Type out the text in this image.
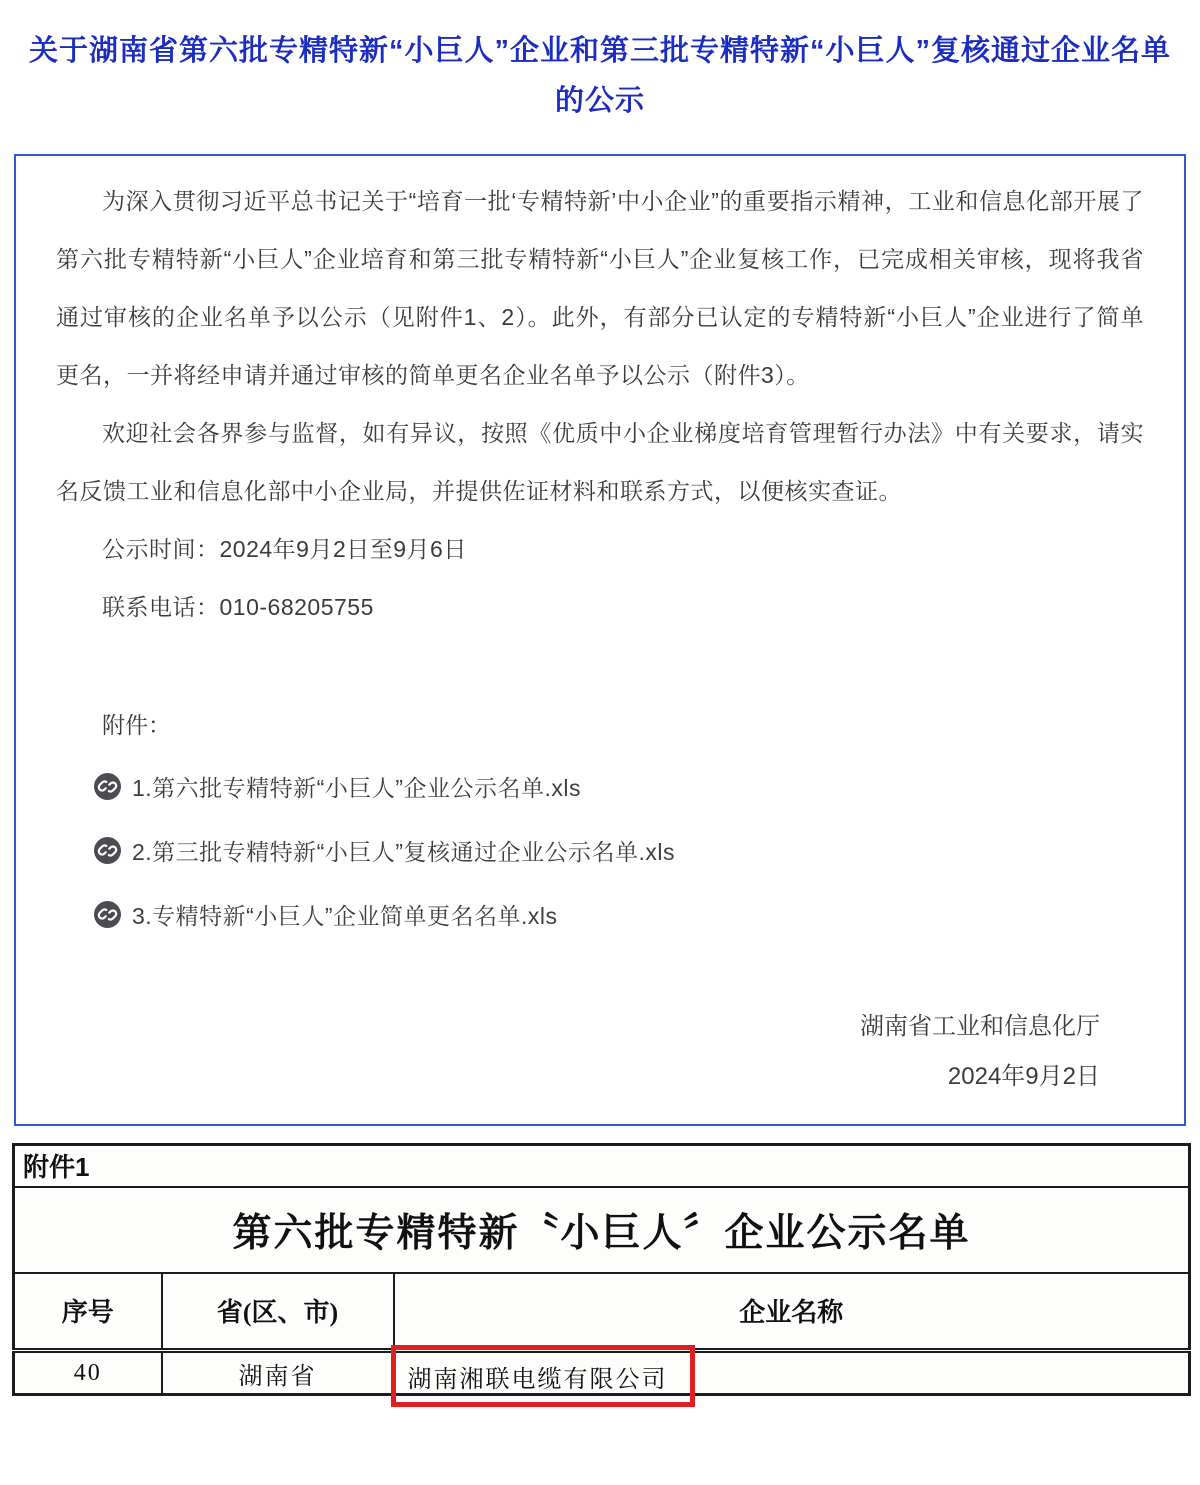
关于湖南省第六批专精特新“小巨人”企业和第三批专精特新“小巨人”复核通过企业名单的公示

为深入贯彻习近平总书记关于“培育一批‘专精特新’中小企业”的重要指示精神，工业和信息化部开展了第六批专精特新“小巨人”企业培育和第三批专精特新“小巨人”企业复核工作，已完成相关审核，现将我省通过审核的企业名单予以公示（见附件1、2）。此外，有部分已认定的专精特新“小巨人”企业进行了简单更名，一并将经申请并通过审核的简单更名企业名单予以公示（附件3）。

欢迎社会各界参与监督，如有异议，按照《优质中小企业梯度培育管理暂行办法》中有关要求，请实名反馈工业和信息化部中小企业局，并提供佐证材料和联系方式，以便核实查证。

公示时间：2024年9月2日至9月6日
联系电话：010-68205755
附件：
1.第六批专精特新“小巨人”企业公示名单.xls
2.第三批专精特新“小巨人”复核通过企业公示名单.xls
3.专精特新“小巨人”企业简单更名名单.xls
湖南省工业和信息化厅
2024年9月2日
附件1		
第六批专精特新〝小巨人〞企业公示名单		
序号	省(区、市)	企业名称
40	湖南省	湖南湘联电缆有限公司
